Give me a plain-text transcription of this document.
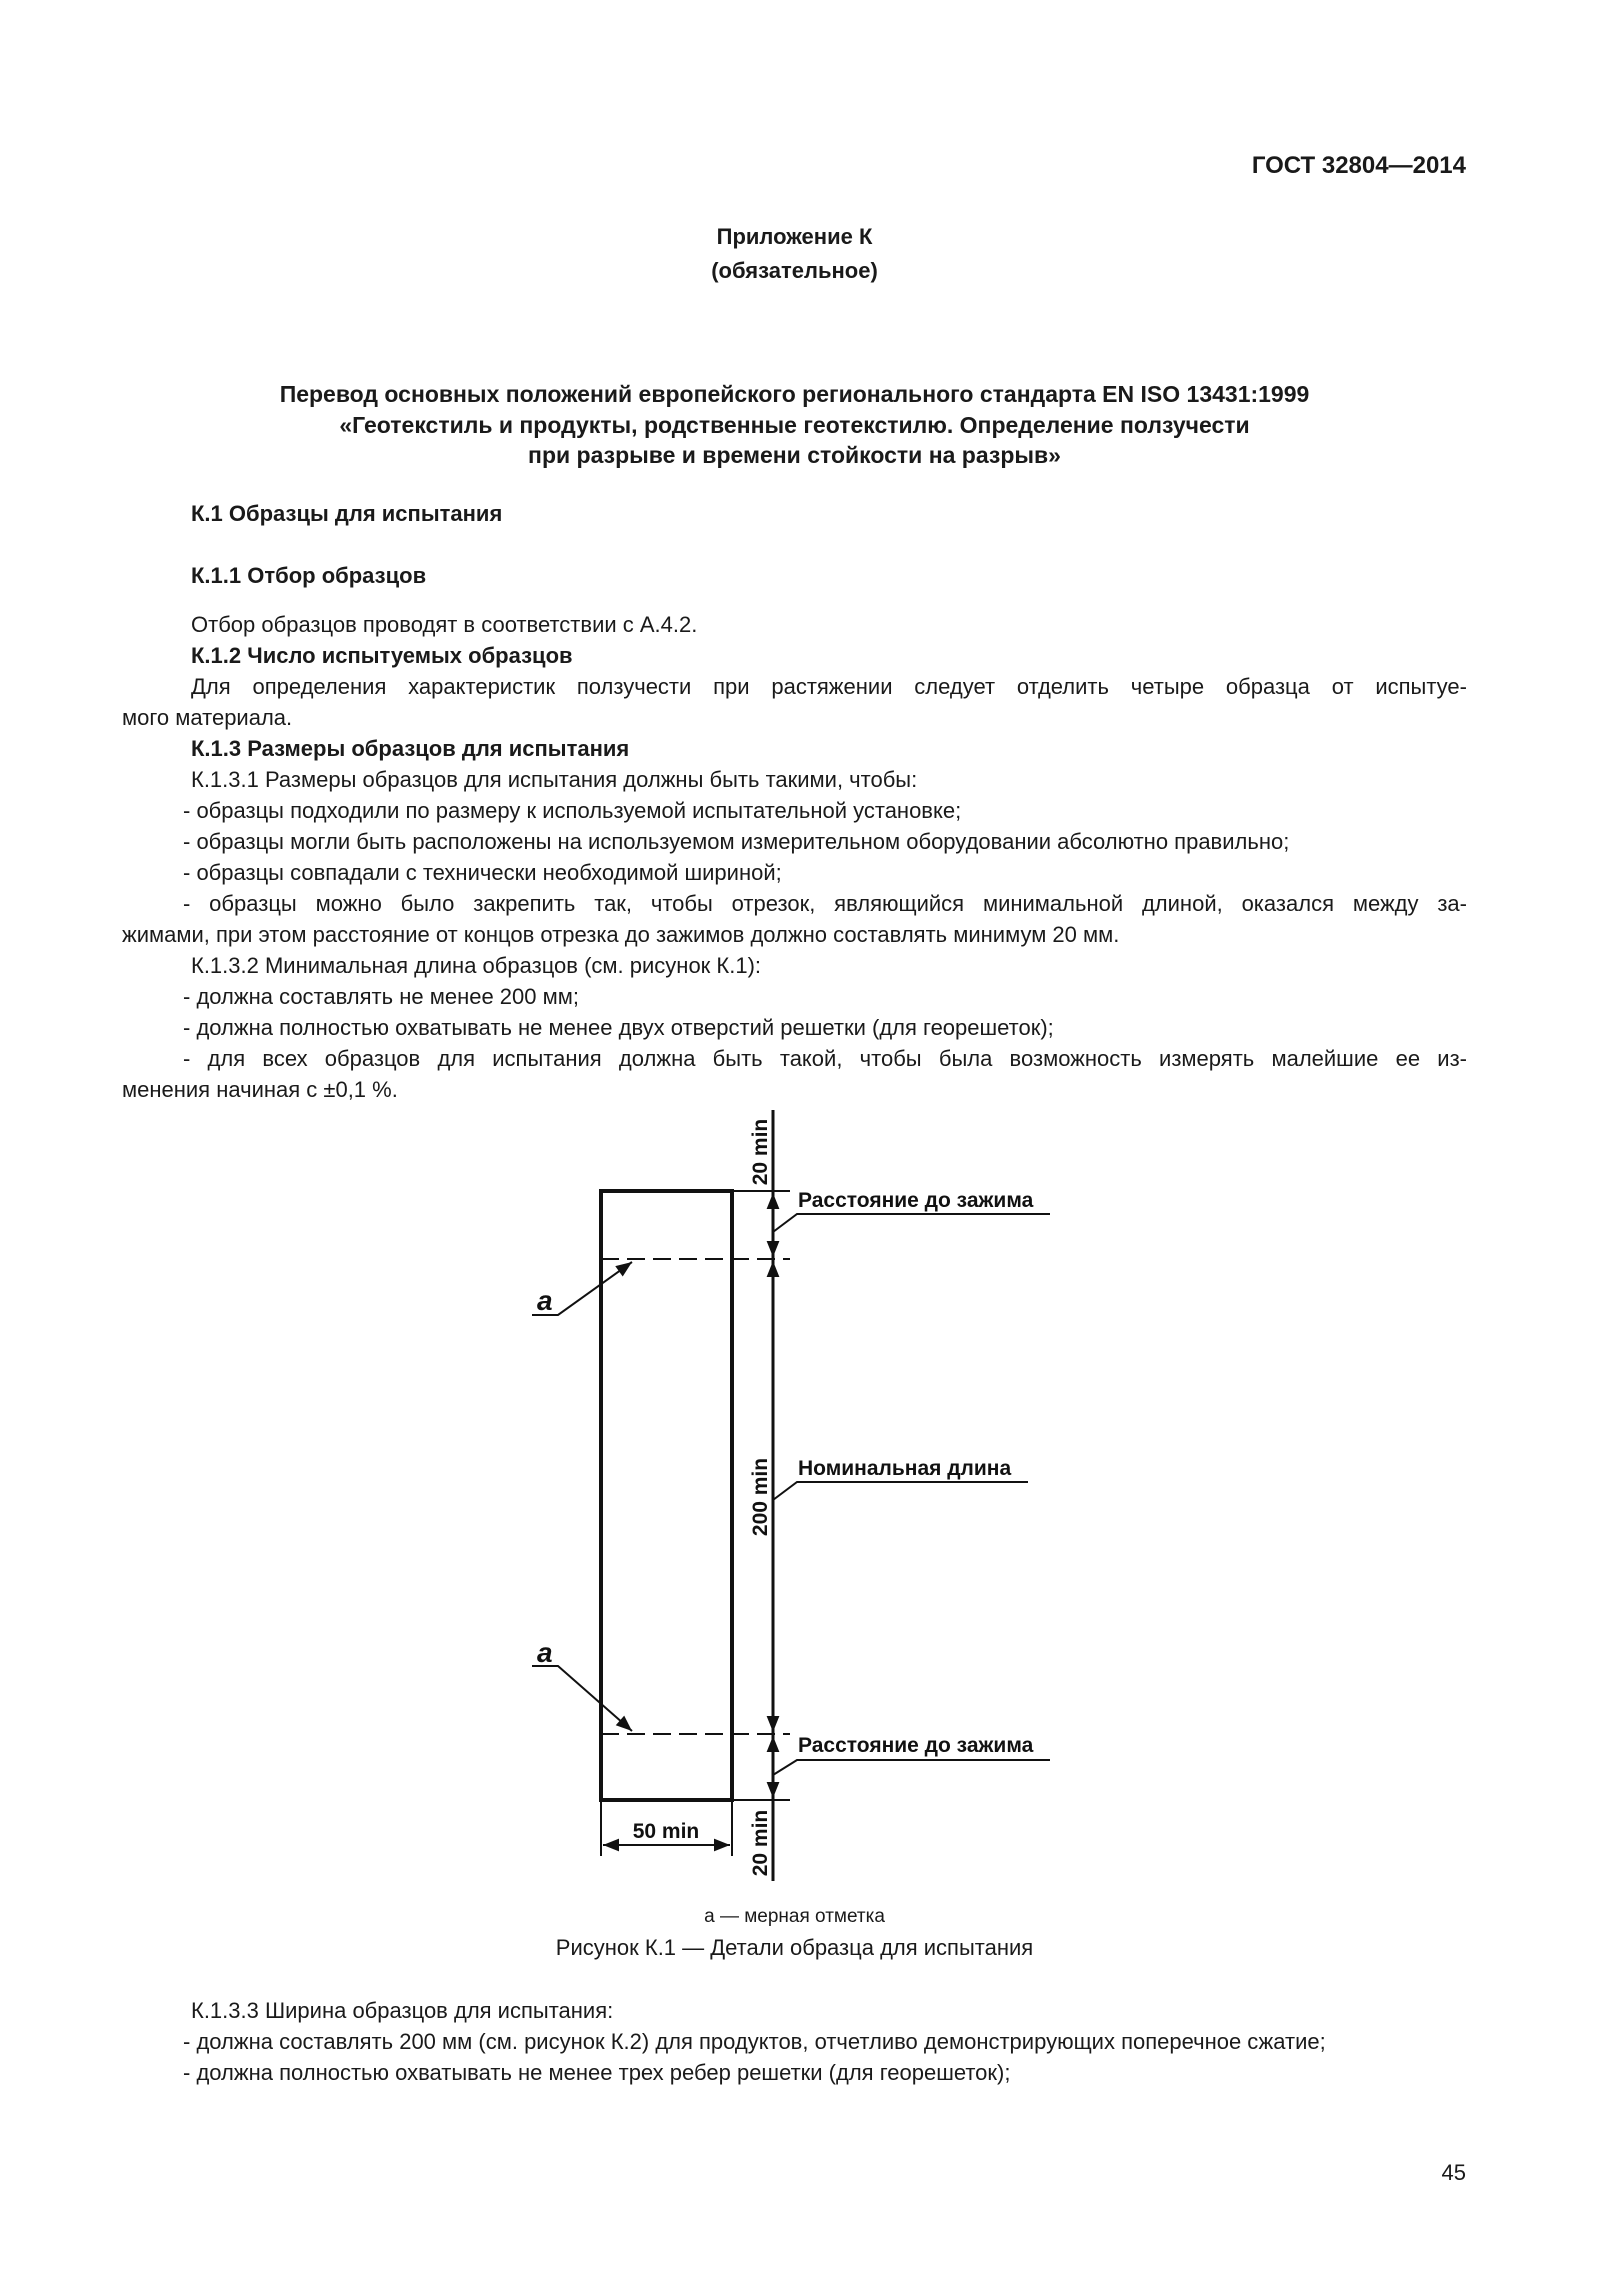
ГОСТ 32804—2014
Приложение К
(обязательное)
Перевод основных положений европейского регионального стандарта EN ISO 13431:1999
«Геотекстиль и продукты, родственные геотекстилю. Определение ползучести
при разрыве и времени стойкости на разрыв»
К.1 Образцы для испытания
К.1.1 Отбор образцов
Отбор образцов проводят в соответствии с А.4.2.
К.1.2 Число испытуемых образцов
Для определения характеристик ползучести при растяжении следует отделить четыре образца от испытуе-
мого материала.
К.1.3 Размеры образцов для испытания
К.1.3.1 Размеры образцов для испытания должны быть такими, чтобы:
- образцы подходили по размеру к используемой испытательной установке;
- образцы могли быть расположены на используемом измерительном оборудовании абсолютно правильно;
- образцы совпадали с технически необходимой шириной;
- образцы можно было закрепить так, чтобы отрезок, являющийся минимальной длиной, оказался между за-
жимами, при этом расстояние от концов отрезка до зажимов должно составлять минимум 20 мм.
К.1.3.2 Минимальная длина образцов (см. рисунок К.1):
- должна составлять не менее 200 мм;
- должна полностью охватывать не менее двух отверстий решетки (для георешеток);
- для всех образцов для испытания должна быть такой, чтобы была возможность измерять малейшие ее из-
менения начиная с ±0,1 %.
20 min
200 min
20 min
50 min
Расстояние до зажима
Номинальная длина
Расстояние до зажима
a
a
a — мерная отметка
Рисунок К.1 — Детали образца для испытания
К.1.3.3 Ширина образцов для испытания:
- должна составлять 200 мм (см. рисунок К.2) для продуктов, отчетливо демонстрирующих поперечное сжатие;
- должна полностью охватывать не менее трех ребер решетки (для георешеток);
45
